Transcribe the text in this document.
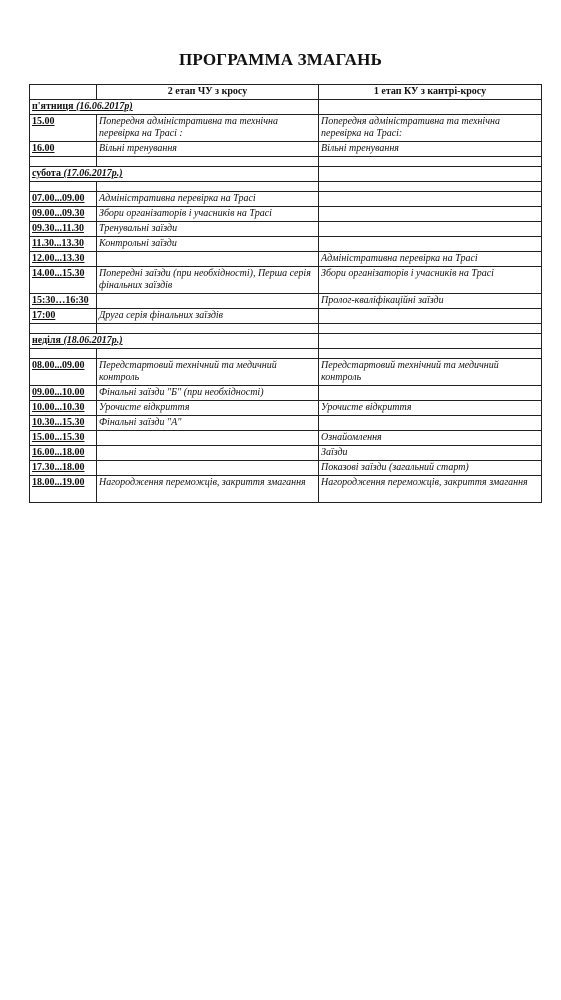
ПРОГРАММА ЗМАГАНЬ
	2 етап ЧУ з кросу	1 етап КУ з кантрі-кросу
п'ятниця (16.06.2017р)		
15.00	Попередня адміністративна та технічна перевірка на Трасі :	Попередня адміністративна та технічна перевірка на Трасі:
16.00	Вільні тренування	Вільні тренування

субота (17.06.2017р.)		

07.00...09.00	Адміністративна перевірка на Трасі	
09.00...09.30	Збори організаторів і учасників на Трасі	
09.30...11.30	Тренувальні заїзди	
11.30...13.30	Контрольні заїзди	
12.00...13.30		Адміністративна перевірка на Трасі
14.00...15.30	Попередні заїзди (при необхідності), Перша серія фінальних заїздів	Збори організаторів і учасників на Трасі
15:30…16:30		Пролог-кваліфікаційні заїзди
17:00	Друга серія фінальних заїздів	

неділя (18.06.2017р.)		

08.00...09.00	Передстартовий технічний та медичний контроль	Передстартовий технічний та медичний контроль
09.00...10.00	Фінальні заїзди "Б" (при необхідності)	
10.00...10.30	Урочисте відкриття	Урочисте відкриття
10.30...15.30	Фінальні заїзди "А"	
15.00...15.30		Ознайомлення
16.00...18.00		Заїзди
17.30...18.00		Показові заїзди (загальний старт)
18.00...19.00	Нагородження переможців, закриття змагання	Нагородження переможців, закриття змагання
